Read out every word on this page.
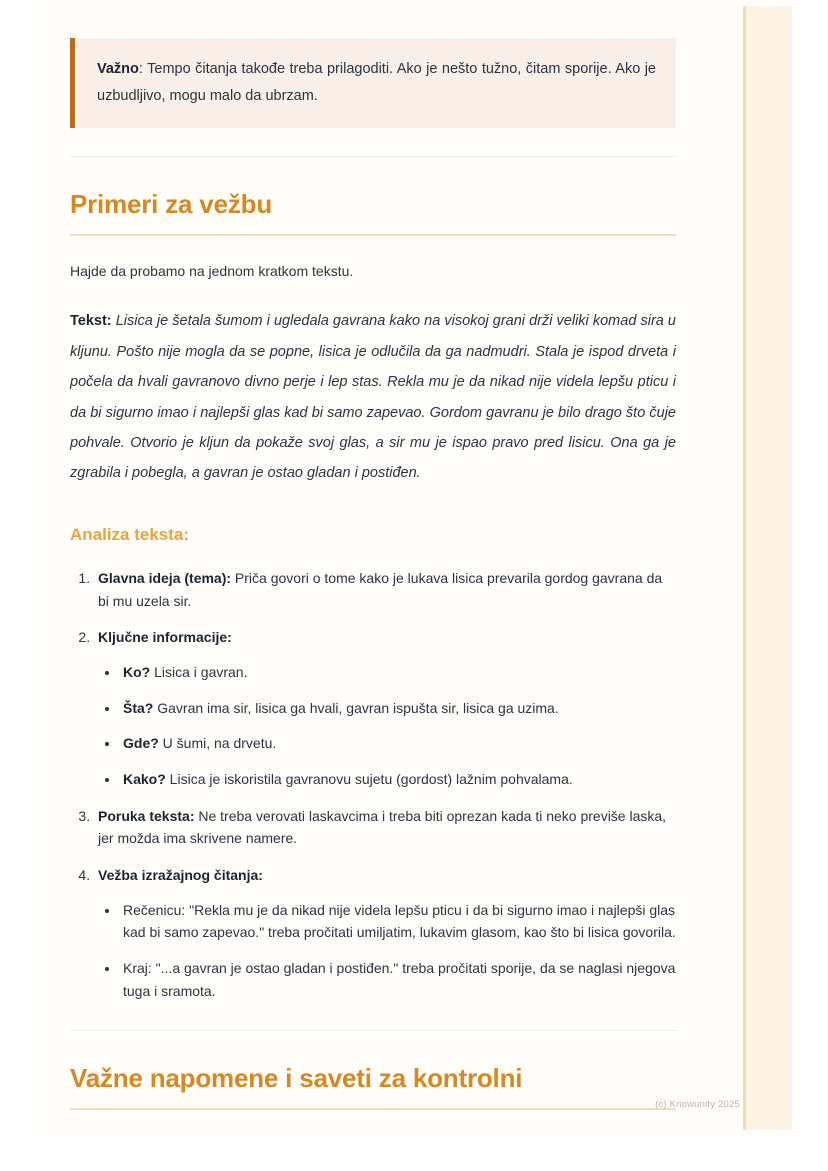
Važno: Tempo čitanja takođe treba prilagoditi. Ako je nešto tužno, čitam sporije. Ako je uzbudljivo, mogu malo da ubrzam.

Primeri za vežbu

Hajde da probamo na jednom kratkom tekstu.

Tekst: Lisica je šetala šumom i ugledala gavrana kako na visokoj grani drži veliki komad sira u kljunu. Pošto nije mogla da se popne, lisica je odlučila da ga nadmudri. Stala je ispod drveta i počela da hvali gavranovo divno perje i lep stas. Rekla mu je da nikad nije videla lepšu pticu i da bi sigurno imao i najlepši glas kad bi samo zapevao. Gordom gavranu je bilo drago što čuje pohvale. Otvorio je kljun da pokaže svoj glas, a sir mu je ispao pravo pred lisicu. Ona ga je zgrabila i pobegla, a gavran je ostao gladan i postiđen.

Analiza teksta:
1. Glavna ideja (tema): Priča govori o tome kako je lukava lisica prevarila gordog gavrana da bi mu uzela sir.
2. Ključne informacije:
• Ko? Lisica i gavran.
• Šta? Gavran ima sir, lisica ga hvali, gavran ispušta sir, lisica ga uzima.
• Gde? U šumi, na drvetu.
• Kako? Lisica je iskoristila gavranovu sujetu (gordost) lažnim pohvalama.
3. Poruka teksta: Ne treba verovati laskavcima i treba biti oprezan kada ti neko previše laska, jer možda ima skrivene namere.
4. Vežba izražajnog čitanja:
• Rečenicu: "Rekla mu je da nikad nije videla lepšu pticu i da bi sigurno imao i najlepši glas kad bi samo zapevao." treba pročitati umiljatim, lukavim glasom, kao što bi lisica govorila.
• Kraj: "...a gavran je ostao gladan i postiđen." treba pročitati sporije, da se naglasi njegova tuga i sramota.
Važne napomene i saveti za kontrolni
(c) Knowunity 2025
